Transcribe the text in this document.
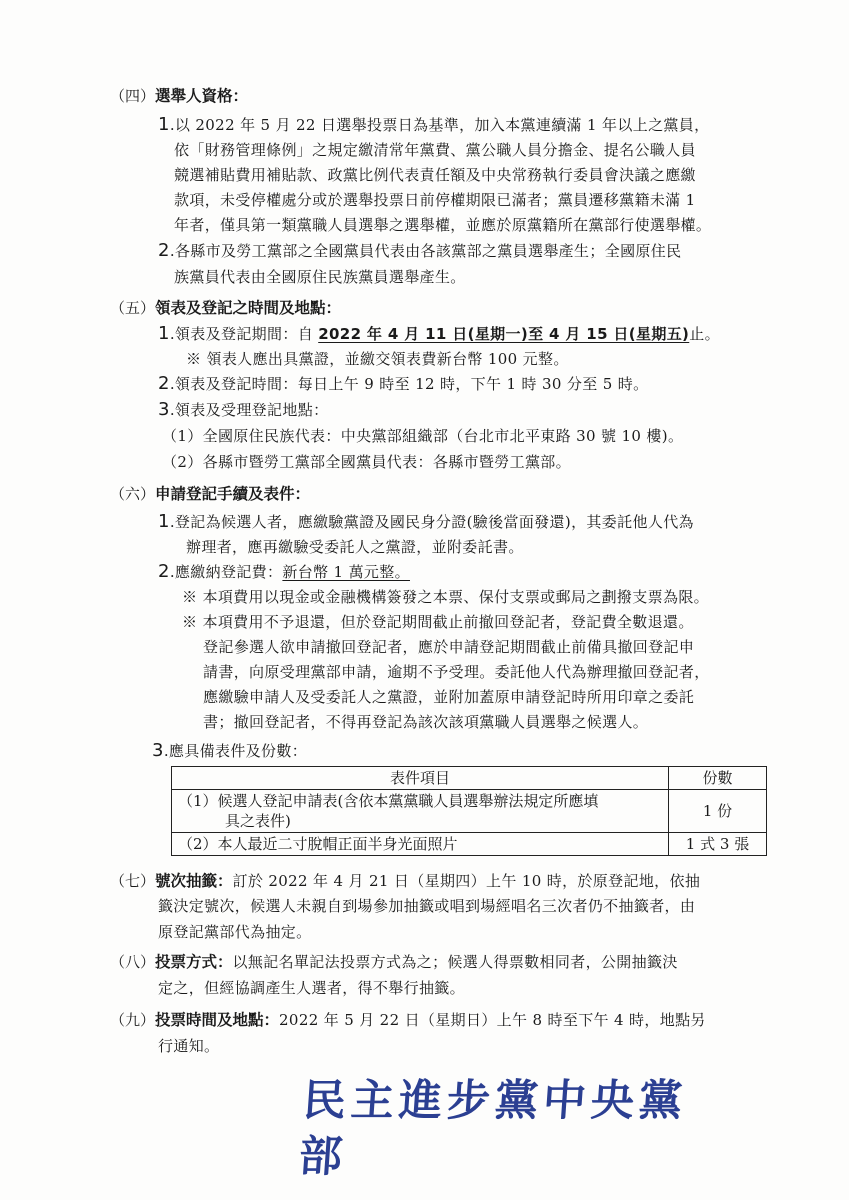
（四）選舉人資格：
1.以 2022 年 5 月 22 日選舉投票日為基準，加入本黨連續滿 1 年以上之黨員，
依「財務管理條例」之規定繳清常年黨費、黨公職人員分擔金、提名公職人員
競選補貼費用補貼款、政黨比例代表責任額及中央常務執行委員會決議之應繳
款項，未受停權處分或於選舉投票日前停權期限已滿者；黨員遷移黨籍未滿 1
年者，僅具第一類黨職人員選舉之選舉權，並應於原黨籍所在黨部行使選舉權。
2.各縣市及勞工黨部之全國黨員代表由各該黨部之黨員選舉產生；全國原住民
族黨員代表由全國原住民族黨員選舉產生。
（五）領表及登記之時間及地點：
1.領表及登記期間：自 2022 年 4 月 11 日(星期一)至 4 月 15 日(星期五)止。
※ 領表人應出具黨證，並繳交領表費新台幣 100 元整。
2.領表及登記時間：每日上午 9 時至 12 時，下午 1 時 30 分至 5 時。
3.領表及受理登記地點：
（1）全國原住民族代表：中央黨部組織部（台北市北平東路 30 號 10 樓)。
（2）各縣市暨勞工黨部全國黨員代表：各縣市暨勞工黨部。
（六）申請登記手續及表件：
1.登記為候選人者，應繳驗黨證及國民身分證(驗後當面發還)，其委託他人代為
辦理者，應再繳驗受委託人之黨證，並附委託書。
2.應繳納登記費：新台幣 1 萬元整。
※ 本項費用以現金或金融機構簽發之本票、保付支票或郵局之劃撥支票為限。
※ 本項費用不予退還，但於登記期間截止前撤回登記者，登記費全數退還。
登記參選人欲申請撤回登記者，應於申請登記期間截止前備具撤回登記申
請書，向原受理黨部申請，逾期不予受理。委託他人代為辦理撤回登記者，
應繳驗申請人及受委託人之黨證，並附加蓋原申請登記時所用印章之委託
書；撤回登記者，不得再登記為該次該項黨職人員選舉之候選人。
3.應具備表件及份數：
表件項目	份數

（1）候選人登記申請表(含依本黨黨職人員選舉辦法規定所應填
具之表件)	1 份
（2）本人最近二寸脫帽正面半身光面照片	1 式 3 張
（七）號次抽籤：訂於 2022 年 4 月 21 日（星期四）上午 10 時，於原登記地，依抽
籤決定號次，候選人未親自到場參加抽籤或唱到場經唱名三次者仍不抽籤者，由
原登記黨部代為抽定。
（八）投票方式：以無記名單記法投票方式為之；候選人得票數相同者，公開抽籤決
定之，但經協調產生人選者，得不舉行抽籤。
（九）投票時間及地點：2022 年 5 月 22 日（星期日）上午 8 時至下午 4 時，地點另
行通知。
民主進步黨中央黨部
